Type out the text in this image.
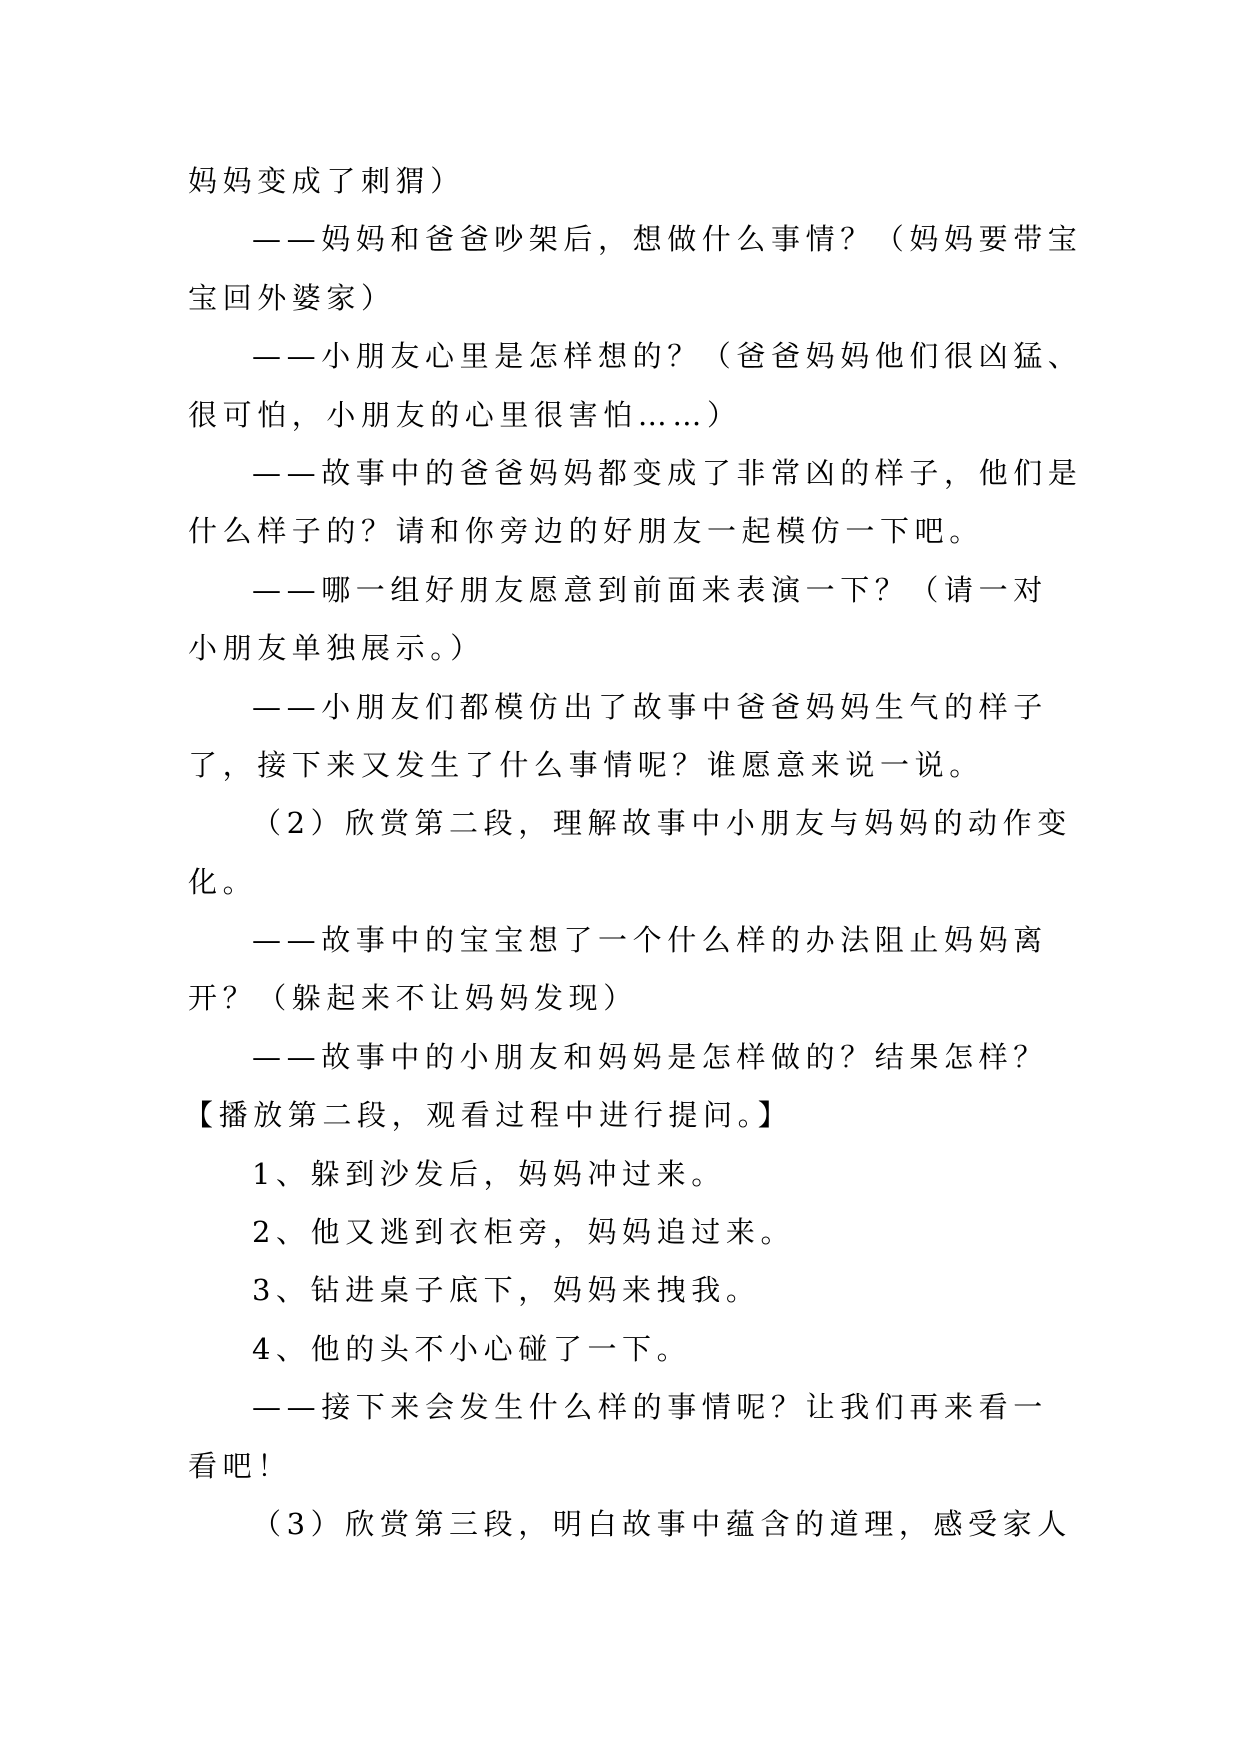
妈妈变成了刺猬）
——妈妈和爸爸吵架后，想做什么事情？（妈妈要带宝
宝回外婆家）
——小朋友心里是怎样想的？（爸爸妈妈他们很凶猛、
很可怕，小朋友的心里很害怕……）
——故事中的爸爸妈妈都变成了非常凶的样子，他们是
什么样子的？请和你旁边的好朋友一起模仿一下吧。
——哪一组好朋友愿意到前面来表演一下？（请一对
小朋友单独展示。）
——小朋友们都模仿出了故事中爸爸妈妈生气的样子
了，接下来又发生了什么事情呢？谁愿意来说一说。
（2）欣赏第二段，理解故事中小朋友与妈妈的动作变
化。
——故事中的宝宝想了一个什么样的办法阻止妈妈离
开？（躲起来不让妈妈发现）
——故事中的小朋友和妈妈是怎样做的？结果怎样？
【播放第二段，观看过程中进行提问。】
1、躲到沙发后，妈妈冲过来。
2、他又逃到衣柜旁，妈妈追过来。
3、钻进桌子底下，妈妈来拽我。
4、他的头不小心碰了一下。
——接下来会发生什么样的事情呢？让我们再来看一
看吧！
（3）欣赏第三段，明白故事中蕴含的道理，感受家人
